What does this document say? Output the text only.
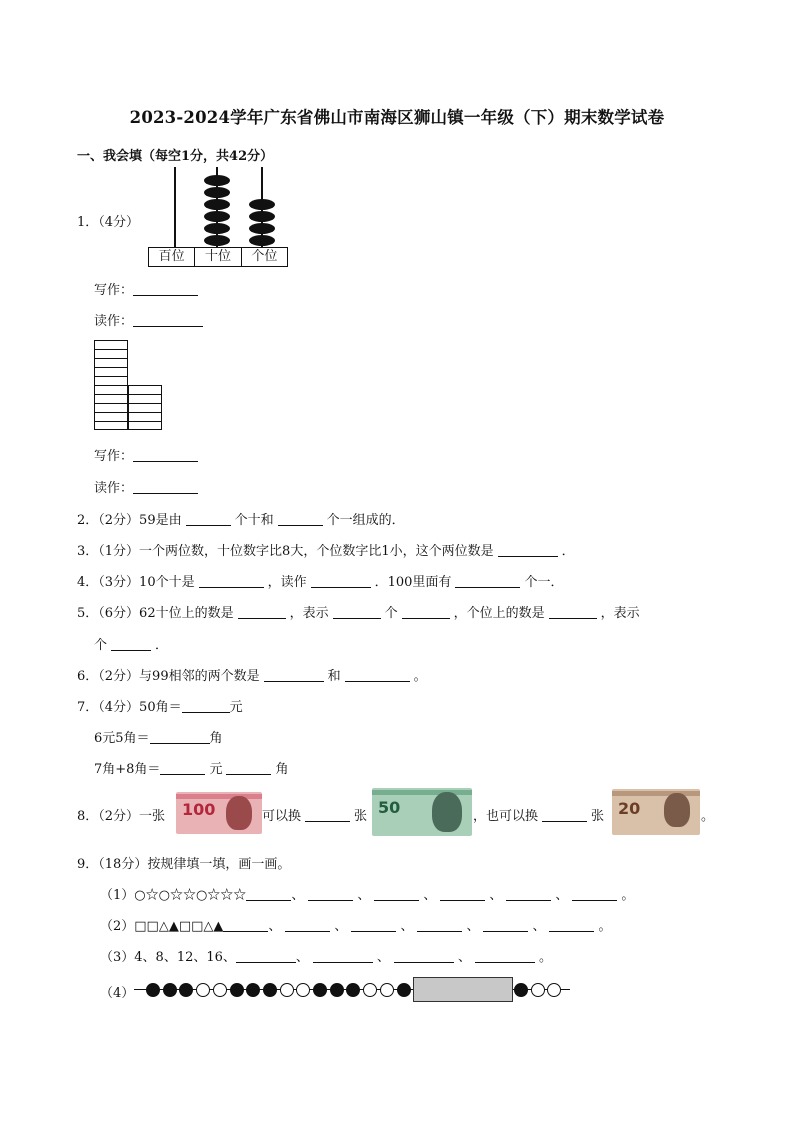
2023-2024学年广东省佛山市南海区狮山镇一年级（下）期末数学试卷
一、我会填（每空1分，共42分）
1．（4分）
百位	十位	个位
写作：
读作：
写作：
读作：
2．（2分）59是由	个十和	个一组成的．
3．（1分）一个两位数，十位数字比8大，个位数字比1小，这个两位数是	．
4．（3分）10个十是	，读作	．100里面有	个一．
5．（6分）62十位上的数是	，表示	个	，个位上的数是	，表示
个	．
6．（2分）与99相邻的两个数是	和	。
7．（4分）50角＝	元
6元5角＝	角
7角+8角＝	元	角
8．（2分）一张 100	可以换	张 50	，也可以换	张 20	。
9．（18分）按规律填一填，画一画。
（1）○☆○☆☆○☆☆☆	、	、	、	、	、	。
（2）□□△▲□□△▲	、	、	、	、	、	。
（3）4、8、12、16、	、	、	、	。
（4）
